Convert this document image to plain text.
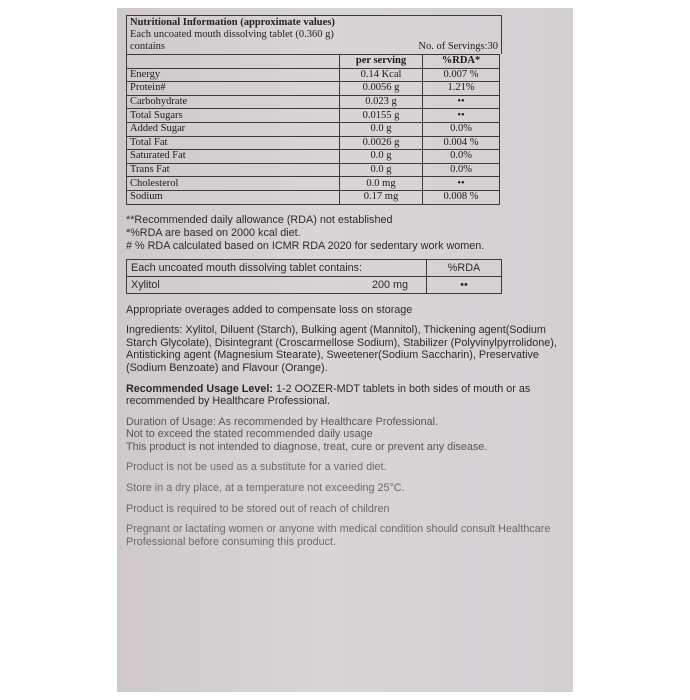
Nutritional Information (approximate values)
Each uncoated mouth dissolving tablet (0.360 g)
contains	No. of Servings:30
	per serving	%RDA*
Energy	0.14 Kcal	0.007 %
Protein#	0.0056 g	1.21%
Carbohydrate	0.023 g	••
Total Sugars	0.0155 g	••
Added Sugar	0.0 g	0.0%
Total Fat	0.0026 g	0.004 %
Saturated Fat	0.0 g	0.0%
Trans Fat	0.0 g	0.0%
Cholesterol	0.0 mg	••
Sodium	0.17 mg	0.008 %
**Recommended daily allowance (RDA) not established
*%RDA are based on 2000 kcal diet.
# % RDA calculated based on ICMR RDA 2020 for sedentary work women.
Each uncoated mouth dissolving tablet contains:	%RDA
Xylitol 200 mg	••
Appropriate overages added to compensate loss on storage
Ingredients: Xylitol, Diluent (Starch), Bulking agent (Mannitol), Thickening agent(Sodium Starch Glycolate), Disintegrant (Croscarmellose Sodium), Stabilizer (Polyvinylpyrrolidone), Antisticking agent (Magnesium Stearate), Sweetener(Sodium Saccharin), Preservative (Sodium Benzoate) and Flavour (Orange).
Recommended Usage Level: 1-2 OOZER-MDT tablets in both sides of mouth or as recommended by Healthcare Professional.
Duration of Usage: As recommended by Healthcare Professional.
Not to exceed the stated recommended daily usage
This product is not intended to diagnose, treat, cure or prevent any disease.
Product is not be used as a substitute for a varied diet.
Store in a dry place, at a temperature not exceeding 25°C.
Product is required to be stored out of reach of children
Pregnant or lactating women or anyone with medical condition should consult Healthcare Professional before consuming this product.
